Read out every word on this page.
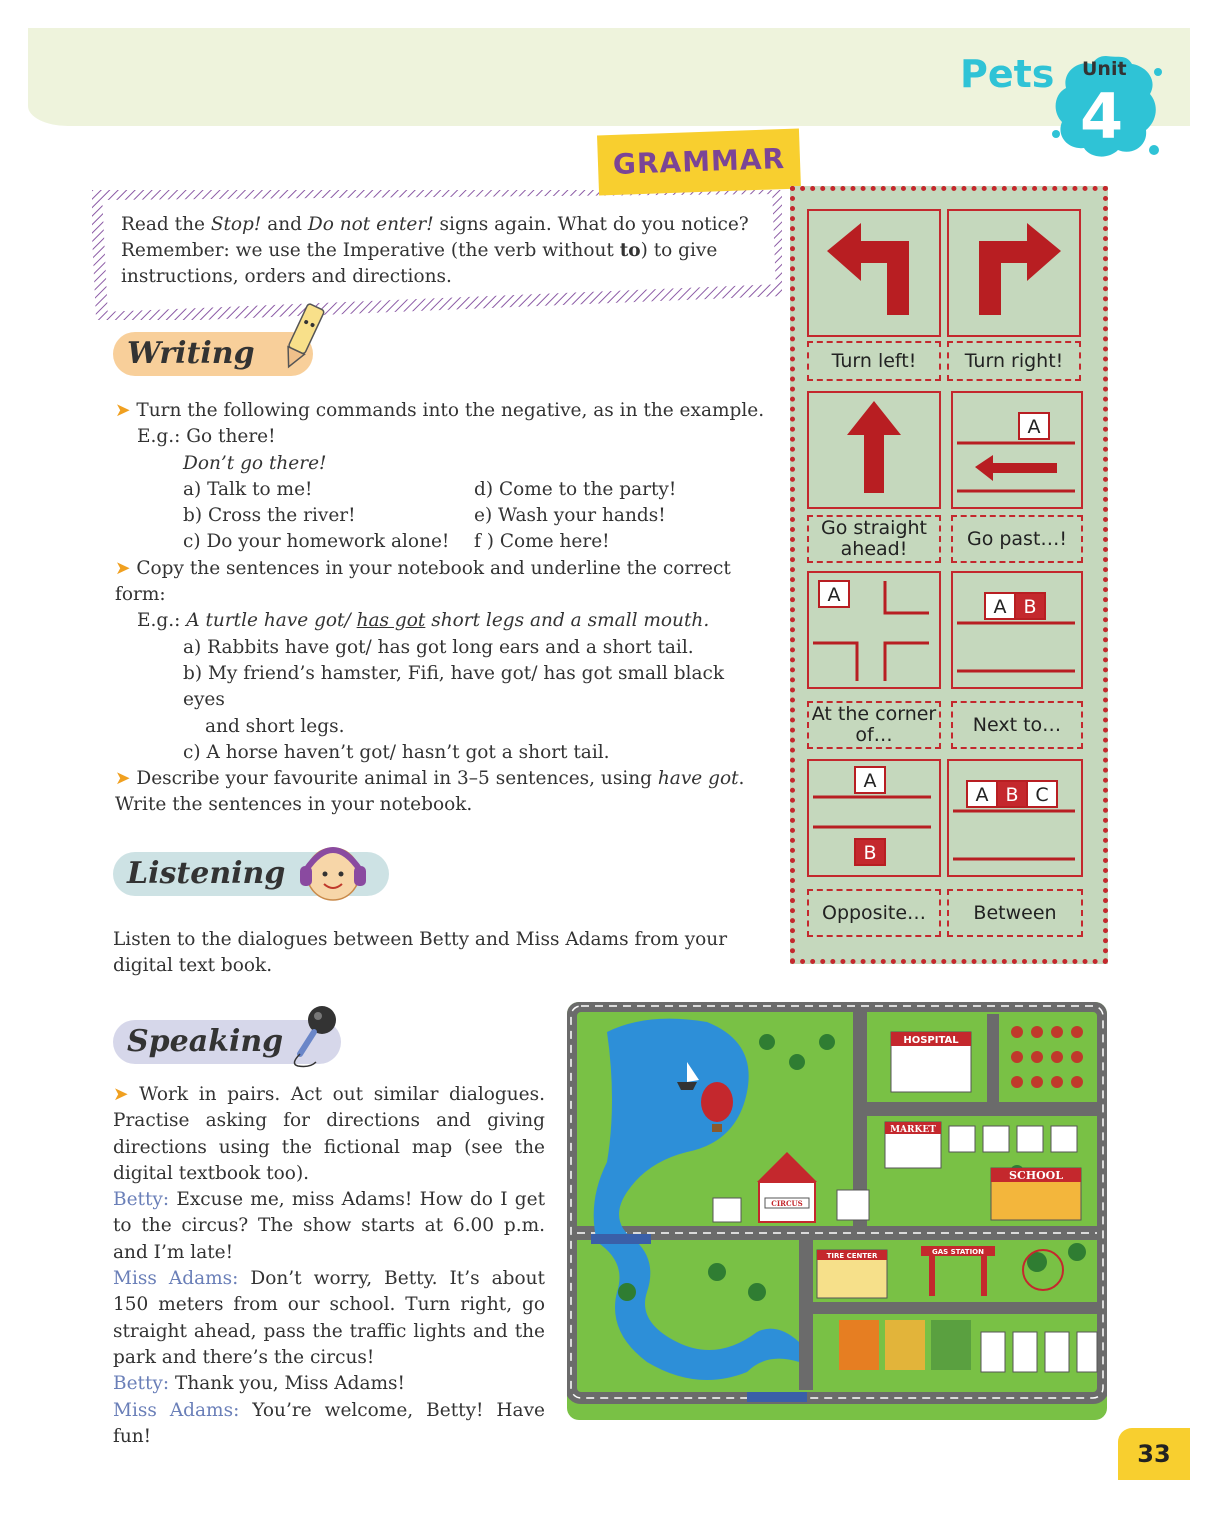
Pets Unit
4
GRAMMAR
Read the Stop! and Do not enter! signs again. What do you notice?
Remember: we use the Imperative (the verb without to) to give
instructions, orders and directions.
Writing
➤ Turn the following commands into the negative, as in the example.
E.g.: Go there!
Don’t go there!
a) Talk to me!	d) Come to the party!
b) Cross the river!	e) Wash your hands!
c) Do your homework alone!	f ) Come here!
➤ Copy the sentences in your notebook and underline the correct
form:
E.g.: A turtle have got/ has got short legs and a small mouth.
a) Rabbits have got/ has got long ears and a short tail.
b) My friend’s hamster, Fifi, have got/ has got small black eyes
and short legs.
c) A horse haven’t got/ hasn’t got a short tail.
➤ Describe your favourite animal in 3–5 sentences, using have got.
Write the sentences in your notebook.
Listening
Listen to the dialogues between Betty and Miss Adams from your digital text book.
Speaking
➤ Work in pairs. Act out similar dialogues. Practise asking for directions and giving directions using the fictional map (see the digital textbook too).
Betty: Excuse me, miss Adams! How do I get to the circus? The show starts at 6.00 p.m. and I’m late!
Miss Adams: Don’t worry, Betty. It’s about 150 meters from our school. Turn right, go straight ahead, pass the traffic lights and the park and there’s the circus!
Betty: Thank you, Miss Adams!
Miss Adams: You’re welcome, Betty! Have fun!
Turn left!	Turn right!
A
Go straight ahead!	Go past…!
A
A B
At the corner of…	Next to…
A
B
A B C
Opposite…	Between
HOSPITAL
MARKET
SCHOOL
CIRCUS
TIRE CENTER	GAS STATION
33
